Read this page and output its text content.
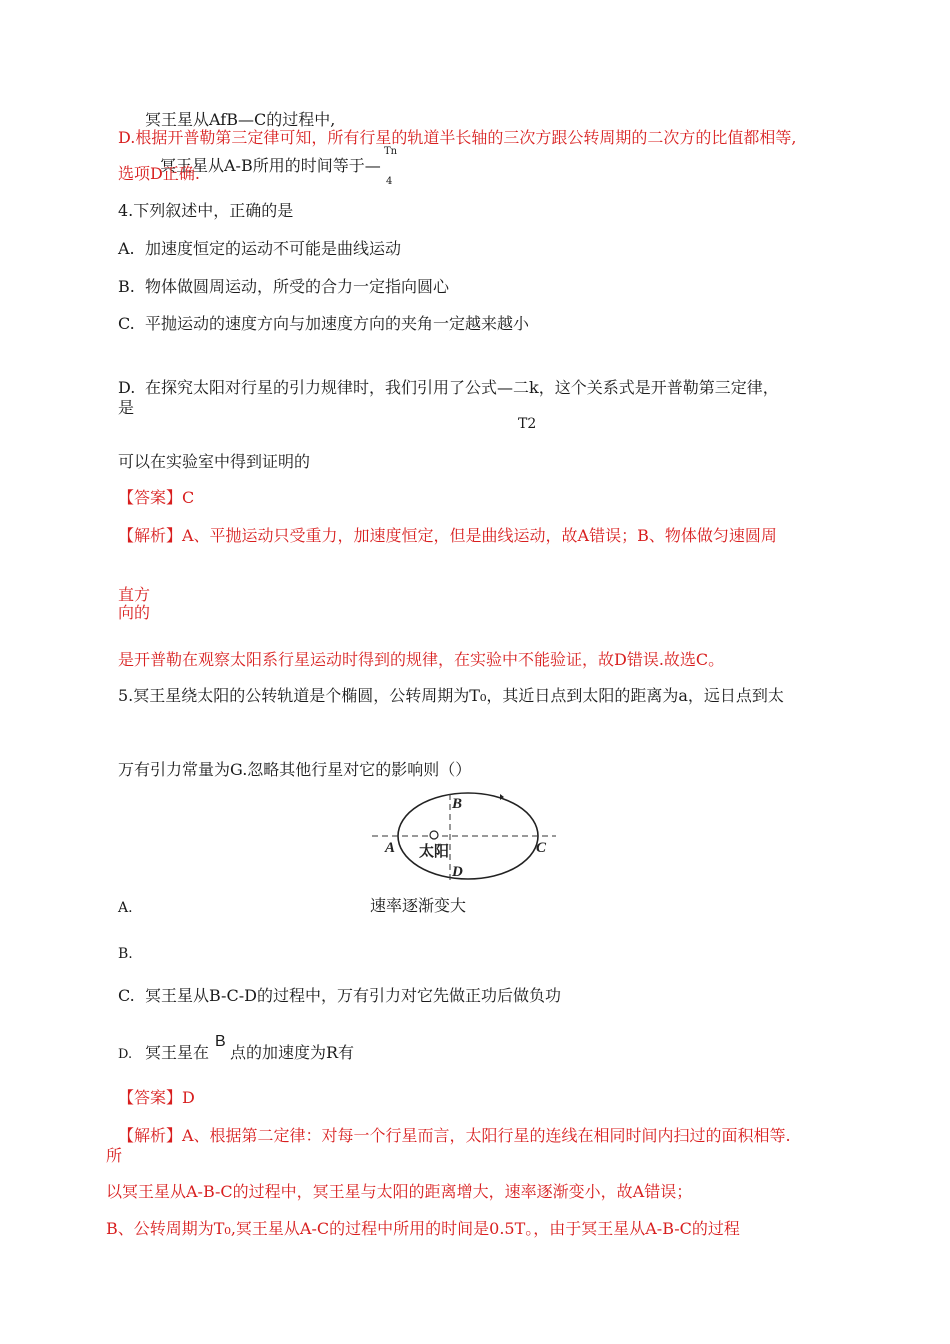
冥王星从AfB—C的过程中,
D.根据开普勒第三定律可知，所有行星的轨道半长轴的三次方跟公转周期的二次方的比值都相等,
冥王星从A-B所用的时间等于—
Tn
4
选项D正确.
4.下列叙述中，正确的是
A. 加速度恒定的运动不可能是曲线运动
B. 物体做圆周运动，所受的合力一定指向圆心
C. 平抛运动的速度方向与加速度方向的夹角一定越来越小
D. 在探究太阳对行星的引力规律时，我们引用了公式—二k，这个关系式是开普勒第三定律，
是
T2
可以在实验室中得到证明的
【答案】C
【解析】A、平抛运动只受重力，加速度恒定，但是曲线运动，故A错误；B、物体做匀速圆周
直方
向的
是开普勒在观察太阳系行星运动时得到的规律，在实验中不能验证，故D错误.故选C。
5.冥王星绕太阳的公转轨道是个椭圆，公转周期为T₀，其近日点到太阳的距离为a，远日点到太
万有引力常量为G.忽略其他行星对它的影响则（）
A
B
C
D
太阳
A.	速率逐渐变大
B.
C. 冥王星从B-C-D的过程中，万有引力对它先做正功后做负功
D. 冥王星在
B
点的加速度为R有
【答案】D
【解析】A、根据第二定律：对每一个行星而言，太阳行星的连线在相同时间内扫过的面积相等.
所
以冥王星从A-B-C的过程中，冥王星与太阳的距离增大，速率逐渐变小，故A错误；
B、公转周期为T₀,冥王星从A-C的过程中所用的时间是0.5T。，由于冥王星从A-B-C的过程
